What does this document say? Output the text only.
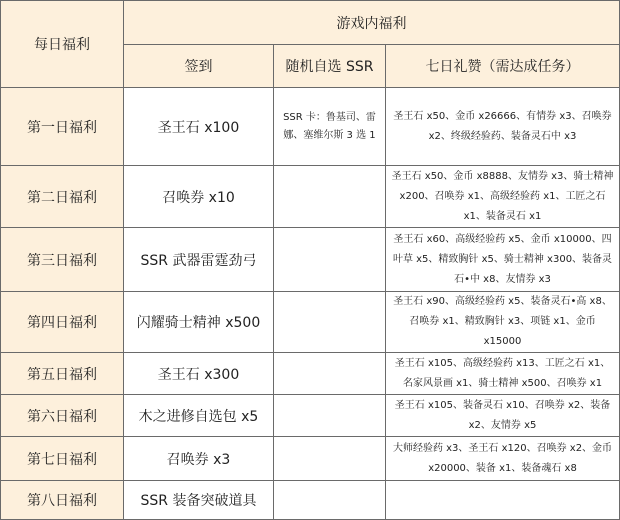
每日福利	游戏内福利		
	签到	随机自选 SSR	七日礼赞（需达成任务）
第一日福利	圣王石 x100	SSR 卡：鲁基司、雷娜、塞维尔斯 3 选 1	圣王石 x50、金币 x26666、有情券 x3、召唤券 x2、终级经验药、装备灵石中 x3
第二日福利	召唤券 x10		圣王石 x50、金币 x8888、友情券 x3、骑士精神 x200、召唤券 x1、高级经验药 x1、工匠之石 x1、装备灵石 x1
第三日福利	SSR 武器雷霆劲弓		圣王石 x60、高级经验药 x5、金币 x10000、四叶草 x5、精致胸针 x5、骑士精神 x300、装备灵石•中 x8、友情券 x3
第四日福利	闪耀骑士精神 x500		圣王石 x90、高级经验药 x5、装备灵石•高 x8、召唤券 x1、精致胸针 x3、项链 x1、金币 x15000
第五日福利	圣王石 x300		圣王石 x105、高级经验药 x13、工匠之石 x1、名家风景画 x1、骑士精神 x500、召唤券 x1
第六日福利	木之进修自选包 x5		圣王石 x105、装备灵石 x10、召唤券 x2、装备 x2、友情券 x5
第七日福利	召唤券 x3		大师经验药 x3、圣王石 x120、召唤券 x2、金币 x20000、装备 x1、装备魂石 x8
第八日福利	SSR 装备突破道具		
